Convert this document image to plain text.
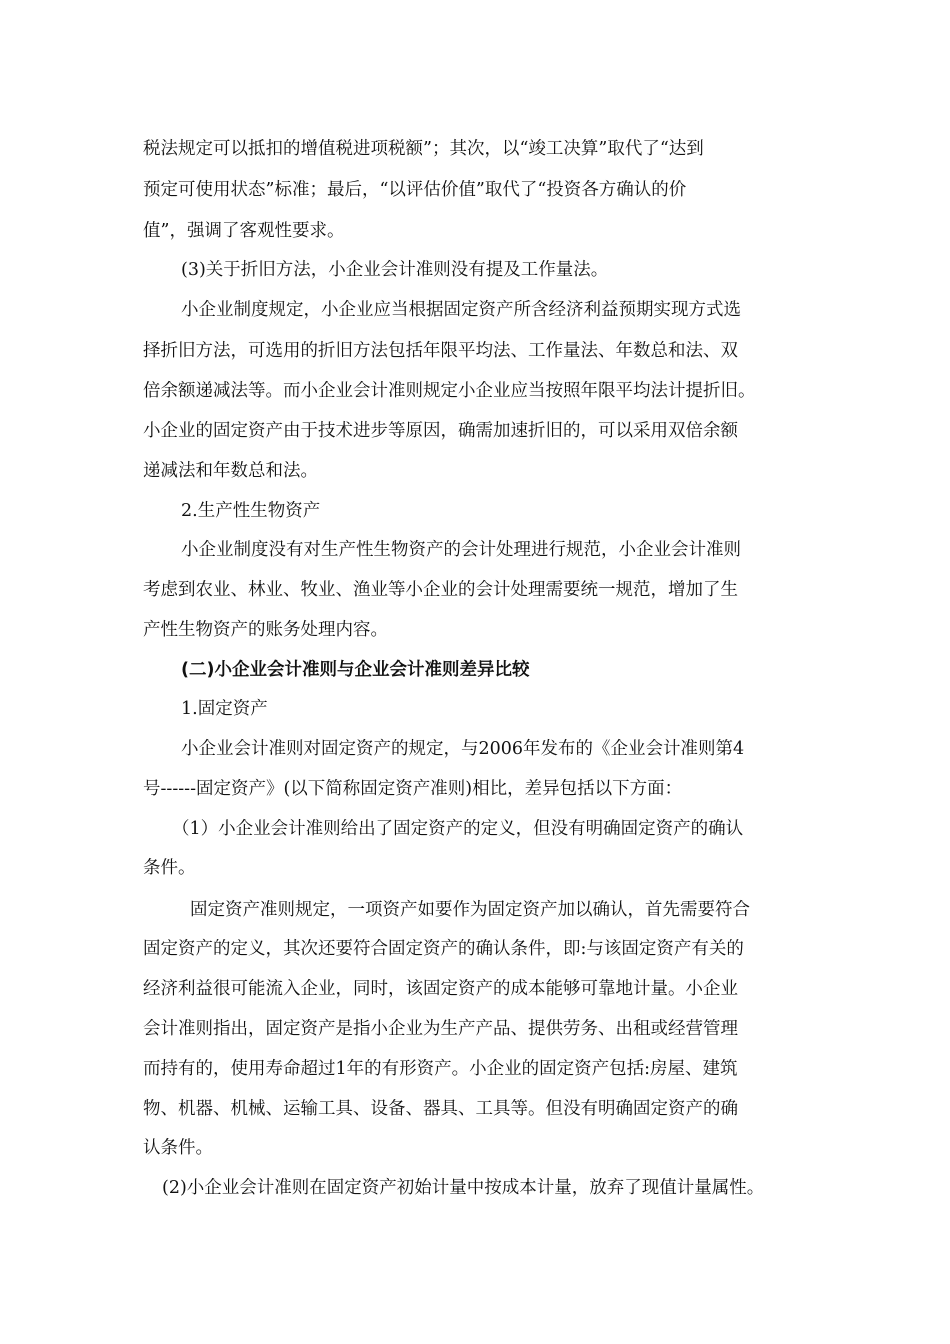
税法规定可以抵扣的增值税进项税额”；其次，以“竣工决算”取代了“达到
预定可使用状态”标准；最后，“以评估价值”取代了“投资各方确认的价
值”，强调了客观性要求。
(3)关于折旧方法，小企业会计准则没有提及工作量法。
小企业制度规定，小企业应当根据固定资产所含经济利益预期实现方式选
择折旧方法，可选用的折旧方法包括年限平均法、工作量法、年数总和法、双
倍余额递减法等。而小企业会计准则规定小企业应当按照年限平均法计提折旧。
小企业的固定资产由于技术进步等原因，确需加速折旧的，可以采用双倍余额
递减法和年数总和法。
2.生产性生物资产
小企业制度没有对生产性生物资产的会计处理进行规范，小企业会计准则
考虑到农业、林业、牧业、渔业等小企业的会计处理需要统一规范，增加了生
产性生物资产的账务处理内容。
(二)小企业会计准则与企业会计准则差异比较
1.固定资产
小企业会计准则对固定资产的规定，与2006年发布的《企业会计准则第4
号------固定资产》(以下简称固定资产准则)相比，差异包括以下方面：
（1）小企业会计准则给出了固定资产的定义，但没有明确固定资产的确认
条件。
固定资产准则规定，一项资产如要作为固定资产加以确认，首先需要符合
固定资产的定义，其次还要符合固定资产的确认条件，即:与该固定资产有关的
经济利益很可能流入企业，同时，该固定资产的成本能够可靠地计量。小企业
会计准则指出，固定资产是指小企业为生产产品、提供劳务、出租或经营管理
而持有的，使用寿命超过1年的有形资产。小企业的固定资产包括:房屋、建筑
物、机器、机械、运输工具、设备、器具、工具等。但没有明确固定资产的确
认条件。
(2)小企业会计准则在固定资产初始计量中按成本计量，放弃了现值计量属性。
